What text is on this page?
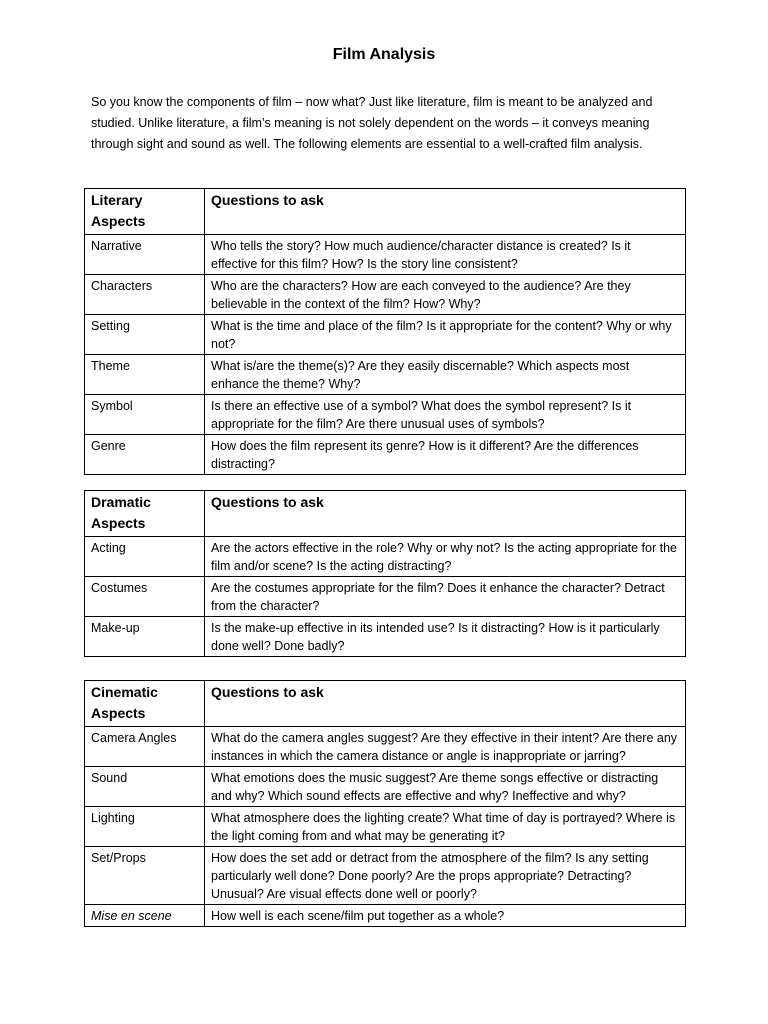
Film Analysis
So you know the components of film – now what? Just like literature, film is meant to be analyzed and studied. Unlike literature, a film’s meaning is not solely dependent on the words – it conveys meaning through sight and sound as well. The following elements are essential to a well-crafted film analysis.
Literary Aspects	Questions to ask
Narrative	Who tells the story? How much audience/character distance is created? Is it effective for this film? How? Is the story line consistent?
Characters	Who are the characters? How are each conveyed to the audience? Are they believable in the context of the film? How? Why?
Setting	What is the time and place of the film? Is it appropriate for the content? Why or why not?
Theme	What is/are the theme(s)? Are they easily discernable? Which aspects most enhance the theme? Why?
Symbol	Is there an effective use of a symbol? What does the symbol represent? Is it appropriate for the film? Are there unusual uses of symbols?
Genre	How does the film represent its genre? How is it different? Are the differences distracting?
Dramatic Aspects	Questions to ask
Acting	Are the actors effective in the role? Why or why not? Is the acting appropriate for the film and/or scene? Is the acting distracting?
Costumes	Are the costumes appropriate for the film? Does it enhance the character? Detract from the character?
Make-up	Is the make-up effective in its intended use? Is it distracting? How is it particularly done well? Done badly?
Cinematic Aspects	Questions to ask
Camera Angles	What do the camera angles suggest? Are they effective in their intent? Are there any instances in which the camera distance or angle is inappropriate or jarring?
Sound	What emotions does the music suggest? Are theme songs effective or distracting and why? Which sound effects are effective and why? Ineffective and why?
Lighting	What atmosphere does the lighting create? What time of day is portrayed? Where is the light coming from and what may be generating it?
Set/Props	How does the set add or detract from the atmosphere of the film? Is any setting particularly well done? Done poorly? Are the props appropriate? Detracting? Unusual? Are visual effects done well or poorly?
Mise en scene	How well is each scene/film put together as a whole?
